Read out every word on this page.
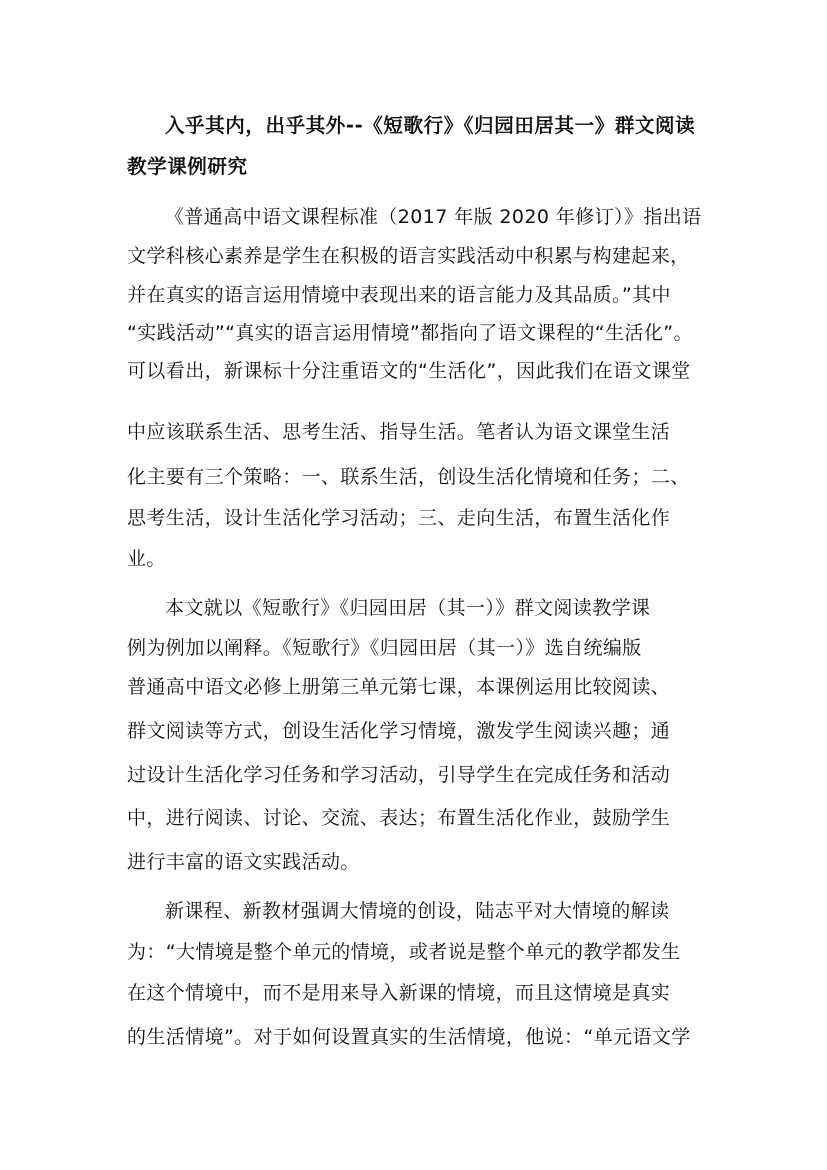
入乎其内，出乎其外--《短歌行》《归园田居其一》群文阅读
教学课例研究
《普通高中语文课程标准（2017 年版 2020 年修订）》指出语
文学科核心素养是学生在积极的语言实践活动中积累与构建起来，
并在真实的语言运用情境中表现出来的语言能力及其品质。”其中
“实践活动”“真实的语言运用情境”都指向了语文课程的“生活化”。
可以看出，新课标十分注重语文的“生活化”，因此我们在语文课堂
中应该联系生活、思考生活、指导生活。笔者认为语文课堂生活
化主要有三个策略：一、联系生活，创设生活化情境和任务；二、
思考生活，设计生活化学习活动；三、走向生活，布置生活化作
业。
本文就以《短歌行》《归园田居（其一）》群文阅读教学课
例为例加以阐释。《短歌行》《归园田居（其一）》选自统编版
普通高中语文必修上册第三单元第七课，本课例运用比较阅读、
群文阅读等方式，创设生活化学习情境，激发学生阅读兴趣；通
过设计生活化学习任务和学习活动，引导学生在完成任务和活动
中，进行阅读、讨论、交流、表达；布置生活化作业，鼓励学生
进行丰富的语文实践活动。
新课程、新教材强调大情境的创设，陆志平对大情境的解读
为：“大情境是整个单元的情境，或者说是整个单元的教学都发生
在这个情境中，而不是用来导入新课的情境，而且这情境是真实
的生活情境”。对于如何设置真实的生活情境，他说：“单元语文学
